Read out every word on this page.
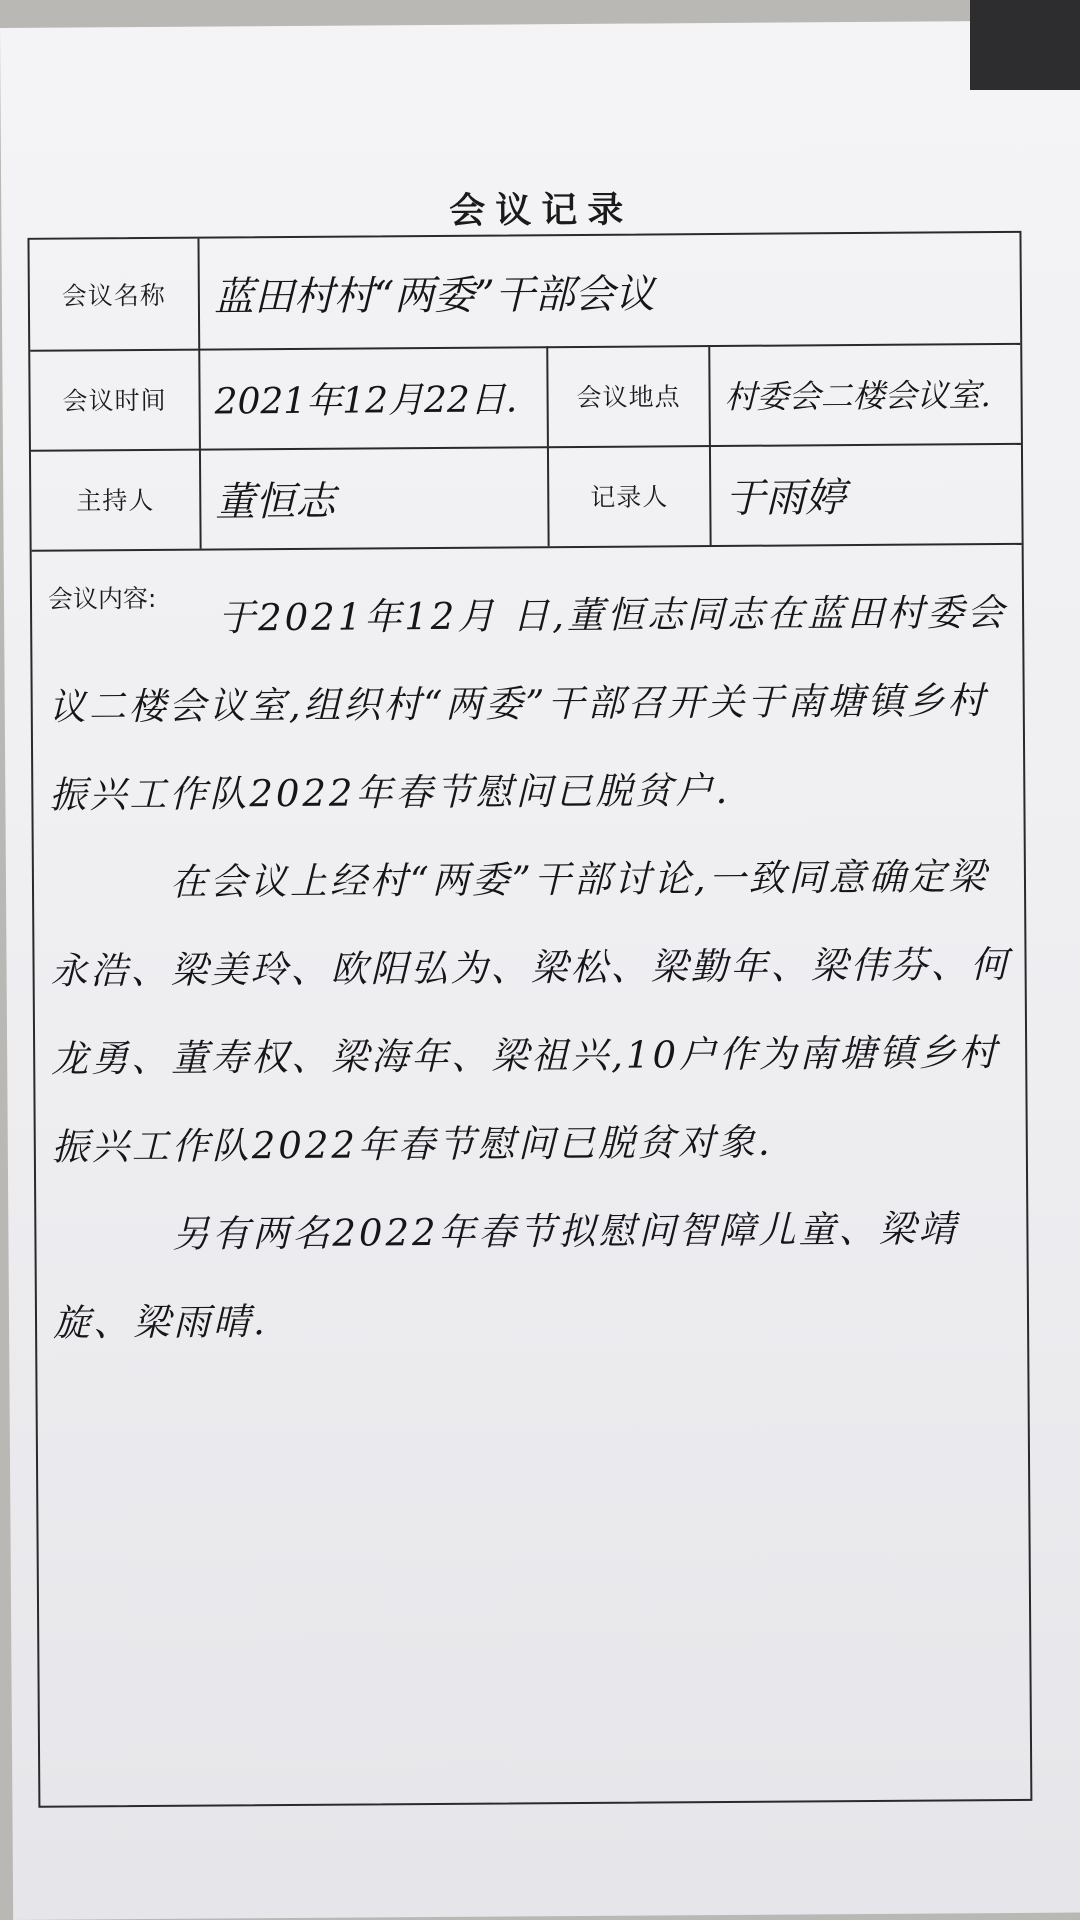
会议记录
会议名称	蓝田村村“两委”干部会议
会议时间	2021年12月22日.	会议地点	村委会二楼会议室.
主持人	董恒志	记录人	于雨婷
会议内容:	于2021年12月 日,董恒志同志在蓝田村委会议二楼会议室,组织村“两委”干部召开关于南塘镇乡村振兴工作队2022年春节慰问已脱贫户.

在会议上经村“两委”干部讨论,一致同意确定梁永浩、梁美玲、欧阳弘为、梁松、梁勤年、梁伟芬、何龙勇、董寿权、梁海年、梁祖兴,10户作为南塘镇乡村振兴工作队2022年春节慰问已脱贫对象.

另有两名2022年春节拟慰问智障儿童、梁靖旋、梁雨晴.
